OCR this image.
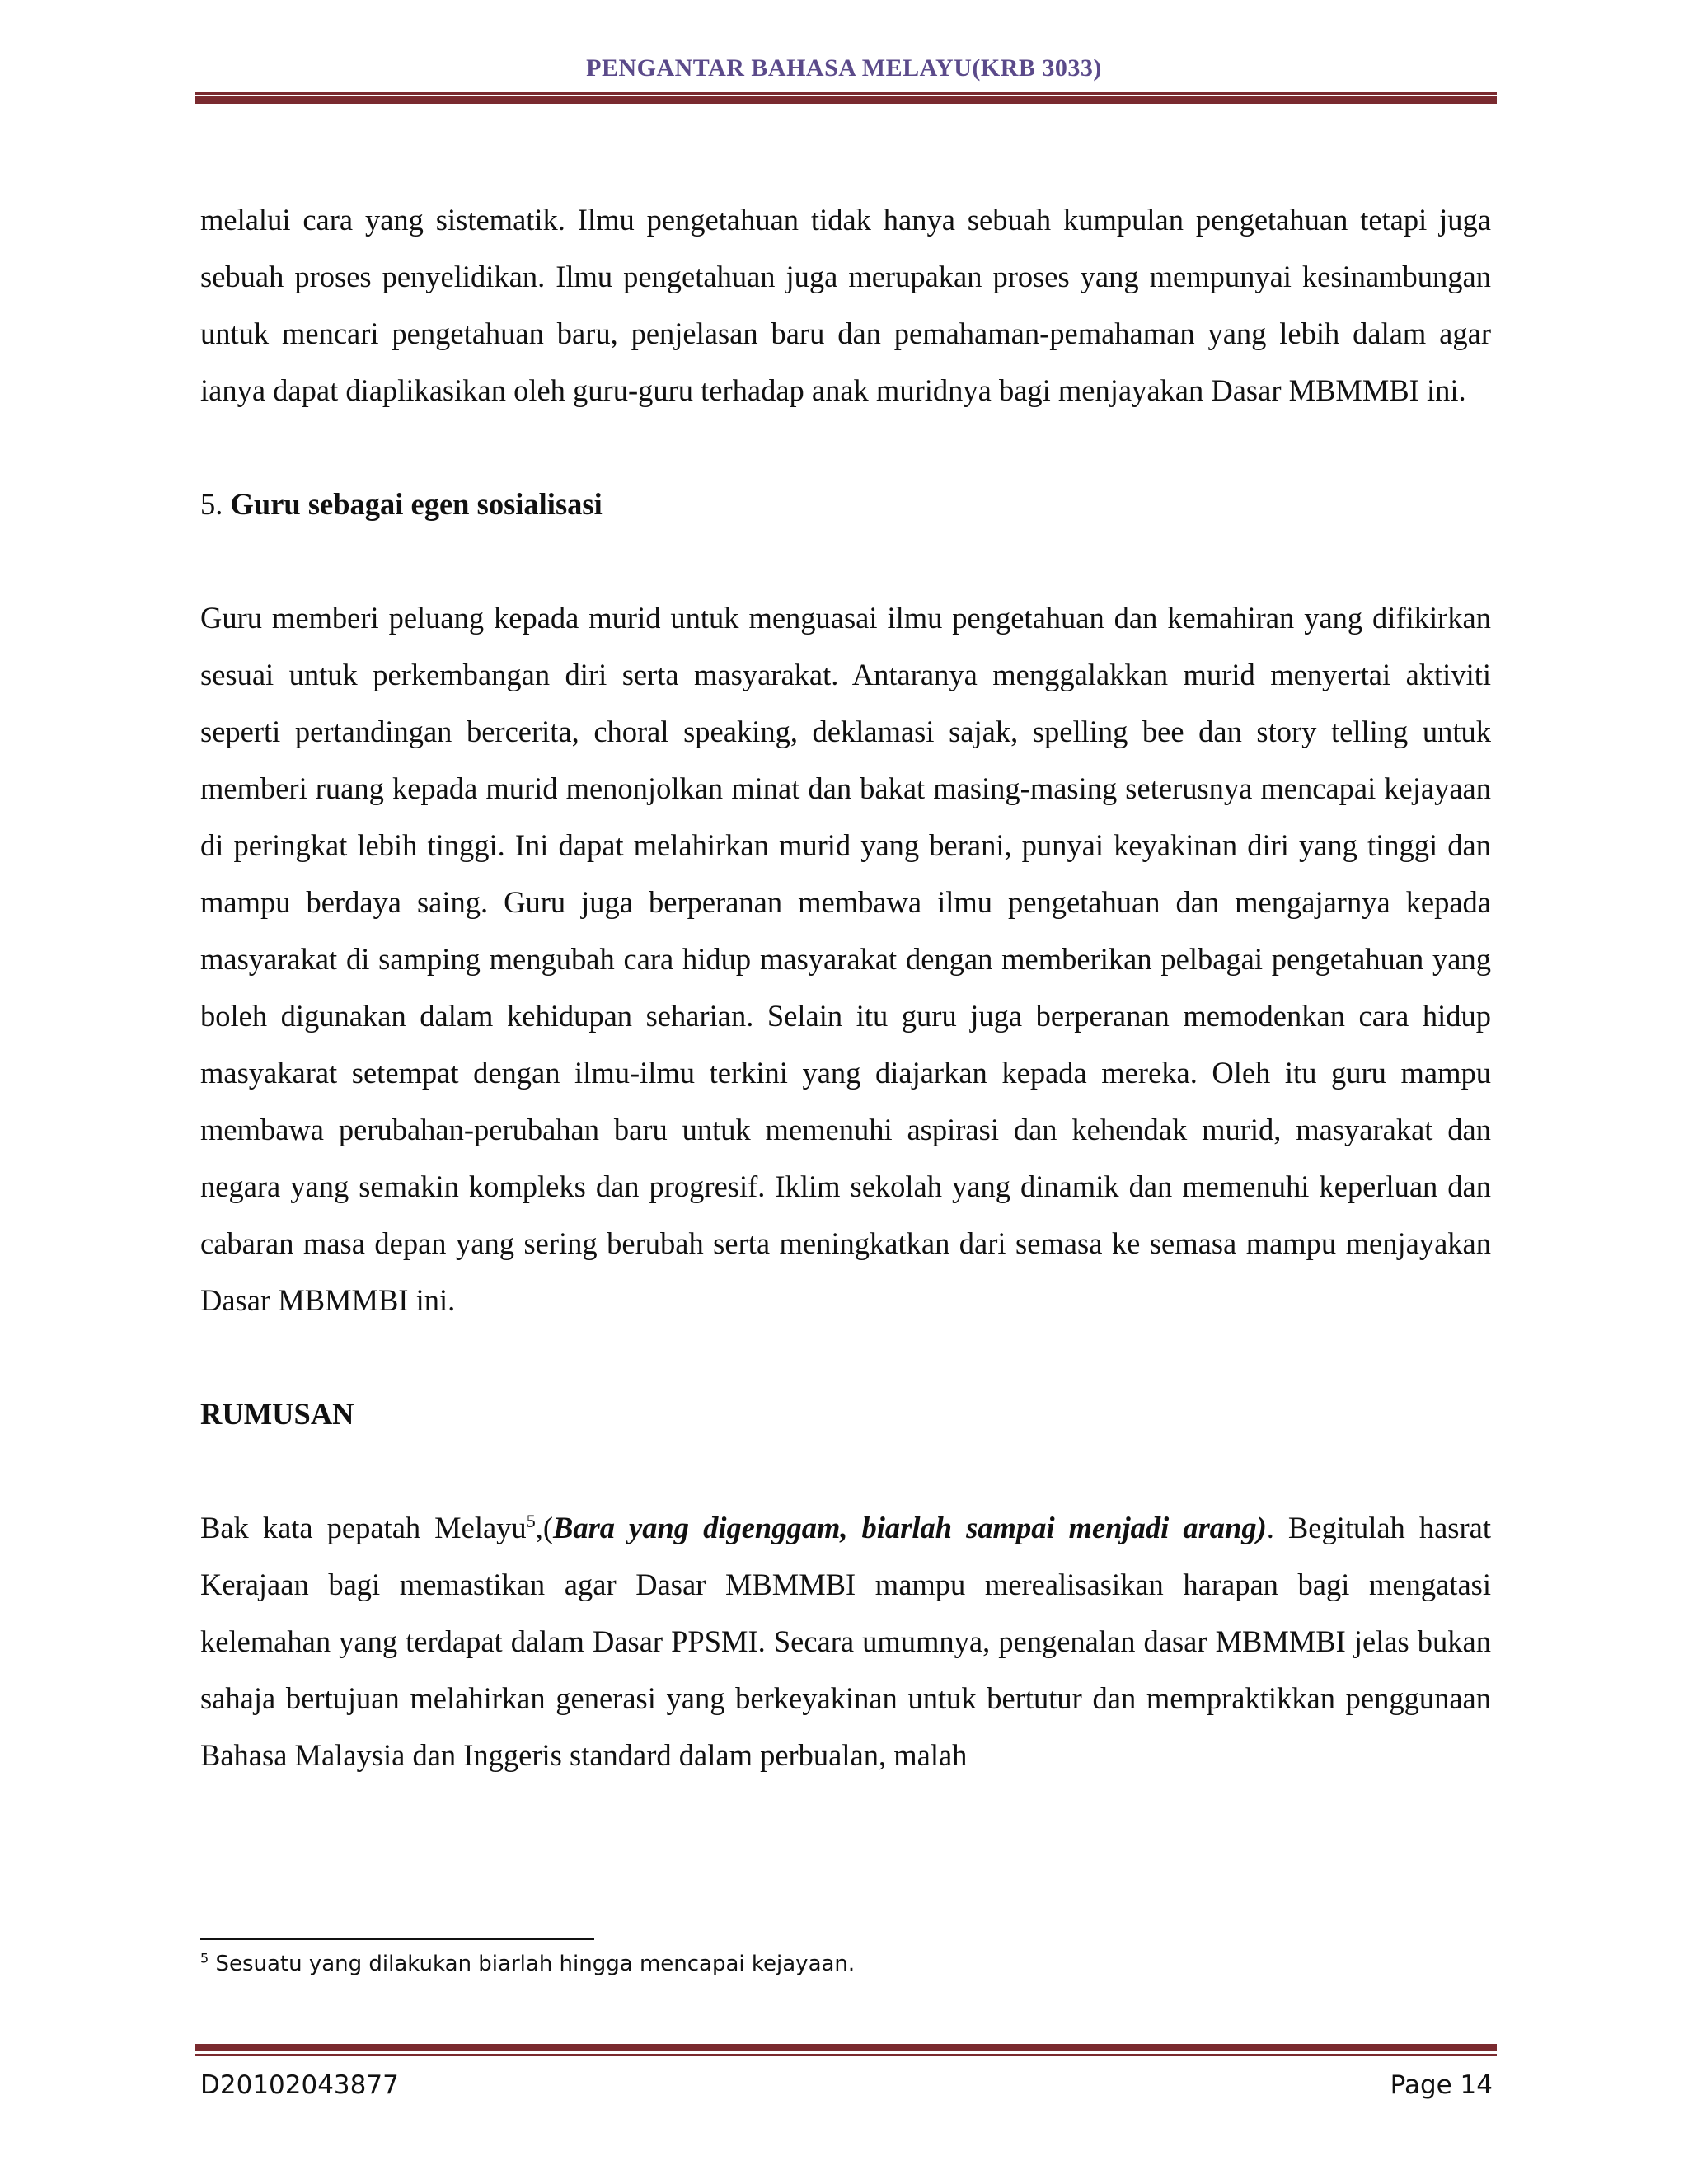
PENGANTAR BAHASA MELAYU(KRB 3033)

melalui cara yang sistematik. Ilmu pengetahuan tidak hanya sebuah kumpulan pengetahuan tetapi juga sebuah proses penyelidikan. Ilmu pengetahuan juga merupakan proses yang mempunyai kesinambungan untuk mencari pengetahuan baru, penjelasan baru dan pemahaman-pemahaman yang lebih dalam agar ianya dapat diaplikasikan oleh guru-guru terhadap anak muridnya bagi menjayakan Dasar MBMMBI ini.

5. Guru sebagai egen sosialisasi

Guru memberi peluang kepada murid untuk menguasai ilmu pengetahuan dan kemahiran yang difikirkan sesuai untuk perkembangan diri serta masyarakat. Antaranya menggalakkan murid menyertai aktiviti seperti pertandingan bercerita, choral speaking, deklamasi sajak, spelling bee dan story telling untuk memberi ruang kepada murid menonjolkan minat dan bakat masing-masing seterusnya mencapai kejayaan di peringkat lebih tinggi. Ini dapat melahirkan murid yang berani, punyai keyakinan diri yang tinggi dan mampu berdaya saing. Guru juga berperanan membawa ilmu pengetahuan dan mengajarnya kepada masyarakat di samping mengubah cara hidup masyarakat dengan memberikan pelbagai pengetahuan yang boleh digunakan dalam kehidupan seharian. Selain itu guru juga berperanan memodenkan cara hidup masyakarat setempat dengan ilmu-ilmu terkini yang diajarkan kepada mereka. Oleh itu guru mampu membawa perubahan-perubahan baru untuk memenuhi aspirasi dan kehendak murid, masyarakat dan negara yang semakin kompleks dan progresif. Iklim sekolah yang dinamik dan memenuhi keperluan dan cabaran masa depan yang sering berubah serta meningkatkan dari semasa ke semasa mampu menjayakan Dasar MBMMBI ini.

RUMUSAN

Bak kata pepatah Melayu$^5$,(Bara yang digenggam, biarlah sampai menjadi arang). Begitulah hasrat Kerajaan bagi memastikan agar Dasar MBMMBI mampu merealisasikan harapan bagi mengatasi kelemahan yang terdapat dalam Dasar PPSMI. Secara umumnya, pengenalan dasar MBMMBI jelas bukan sahaja bertujuan melahirkan generasi yang berkeyakinan untuk bertutur dan mempraktikkan penggunaan Bahasa Malaysia dan Inggeris standard dalam perbualan, malah

$^5$ Sesuatu yang dilakukan biarlah hingga mencapai kejayaan.
D20102043877	Page 14
